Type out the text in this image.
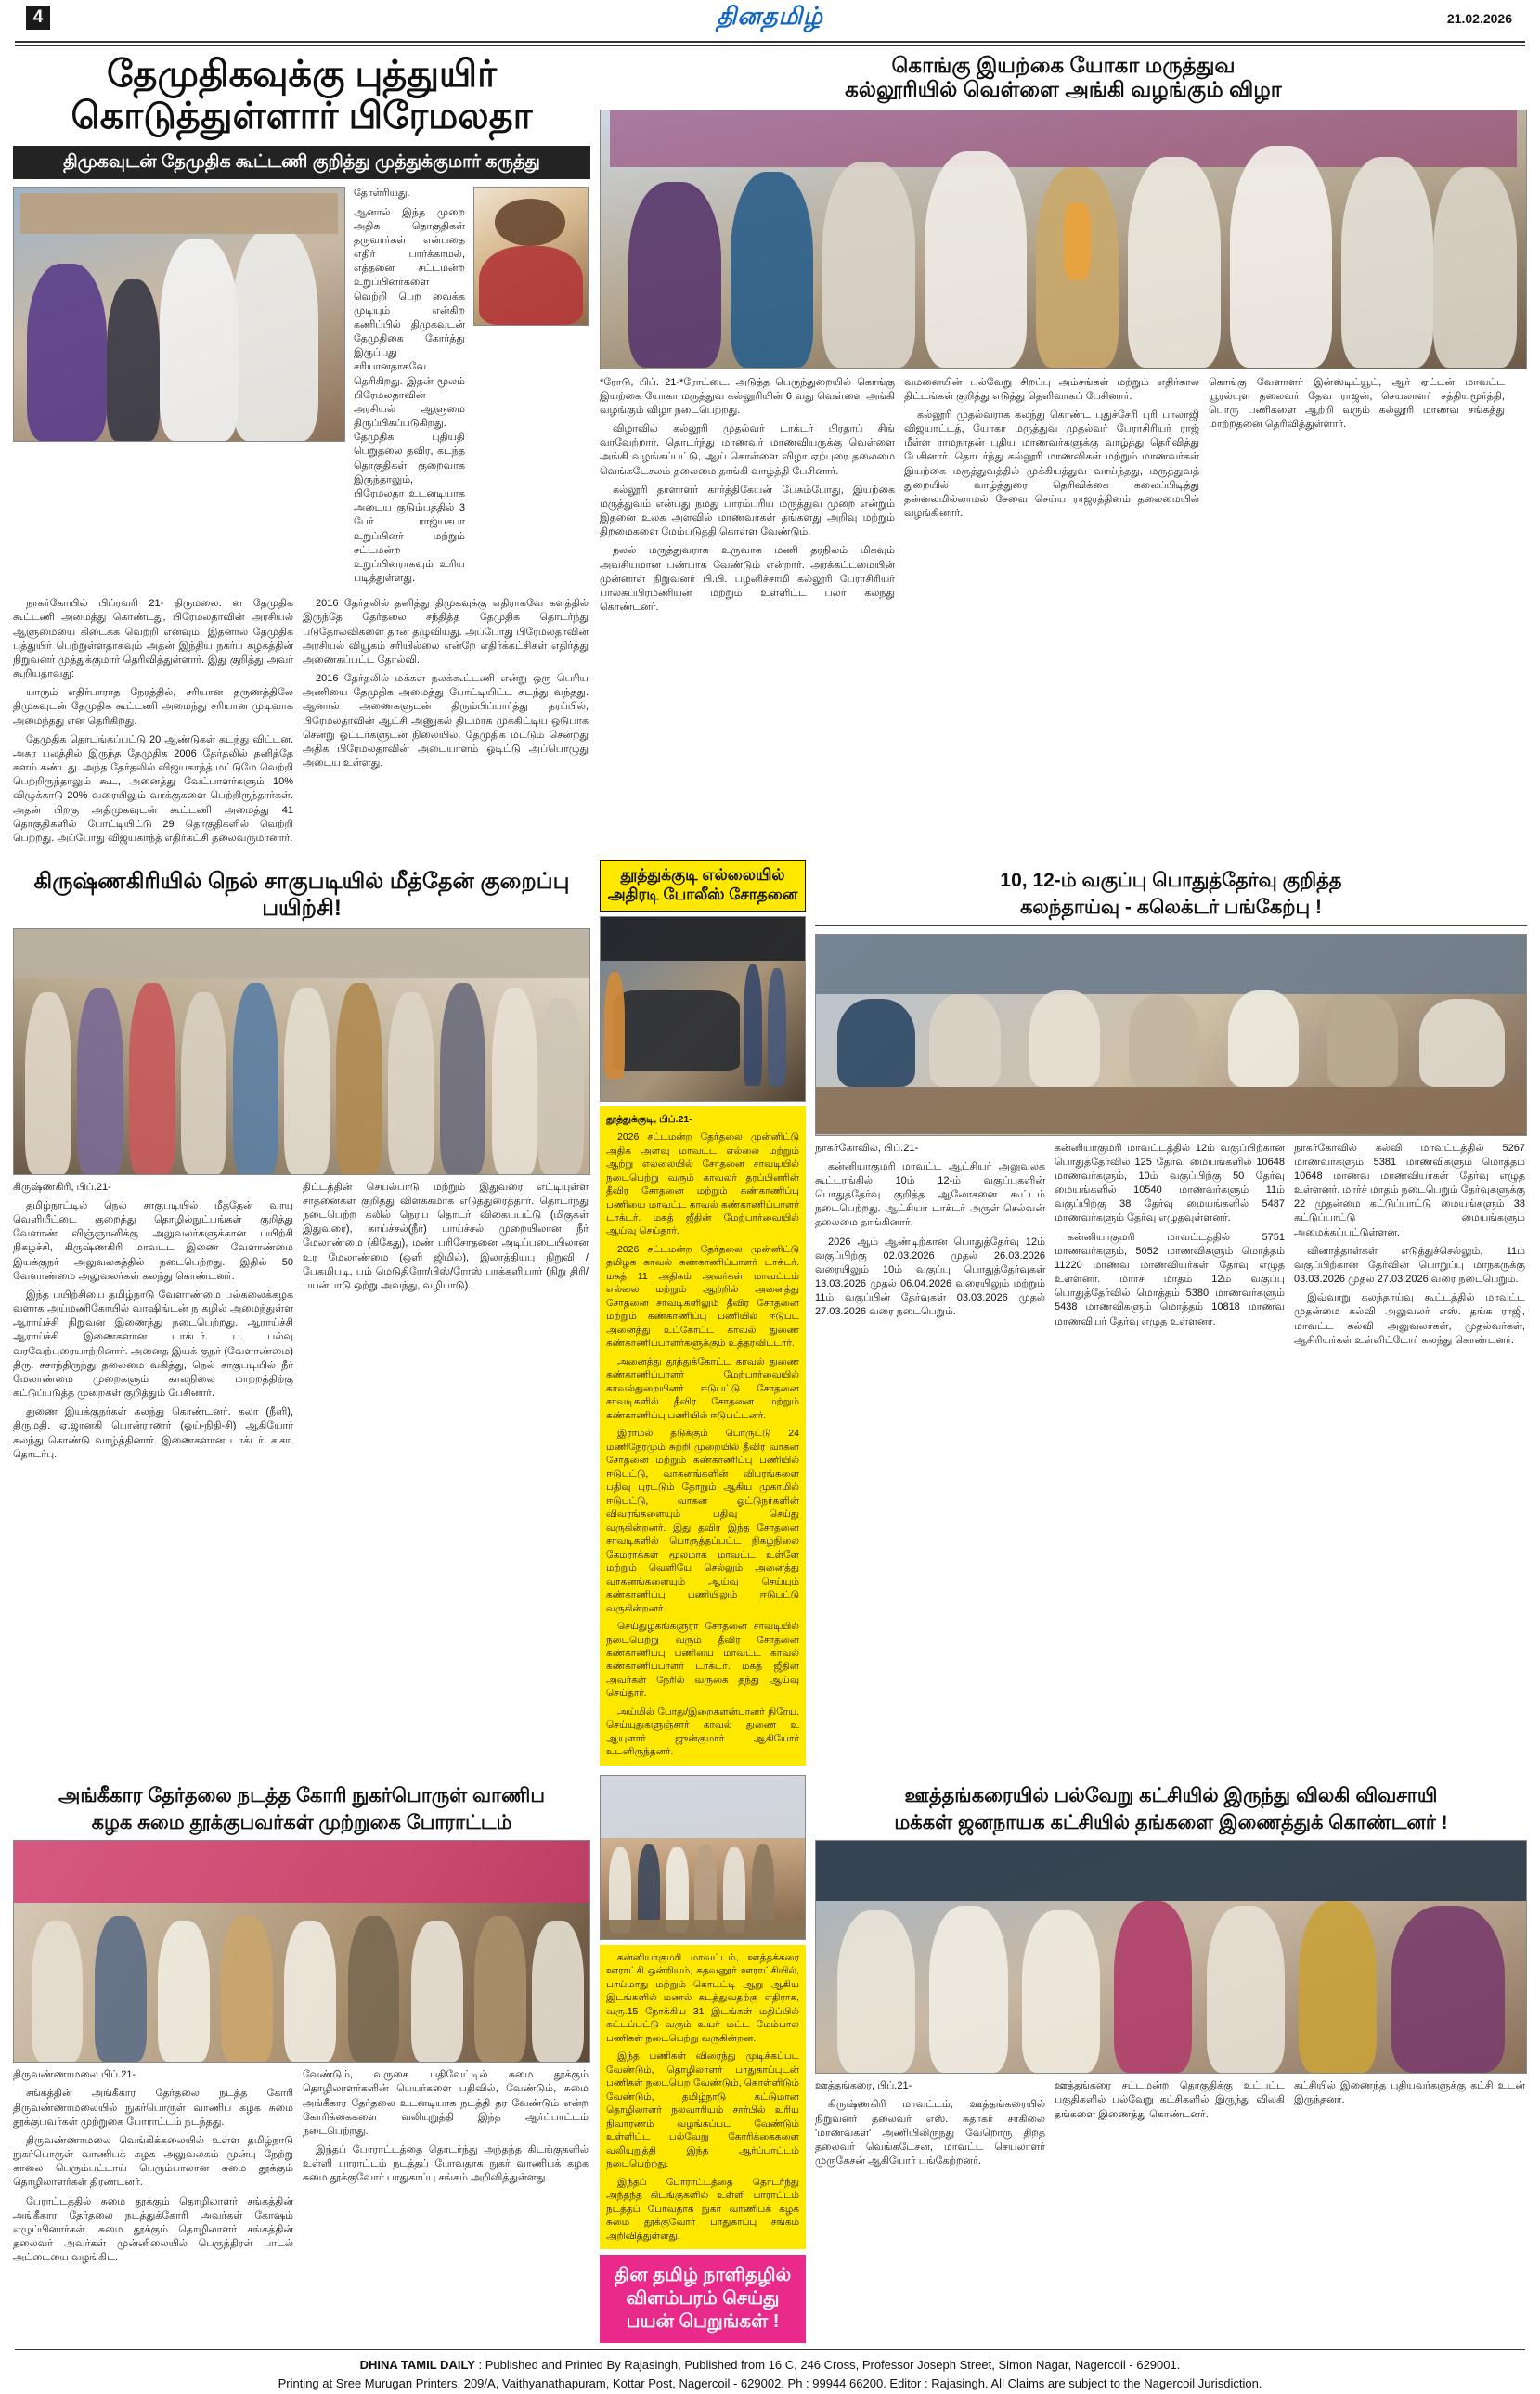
4	தினதமிழ்	21.02.2026
தேமுதிகவுக்கு புத்துயிர்
கொடுத்துள்ளார் பிரேமலதா
திமுகவுடன் தேமுதிக கூட்டணி குறித்து முத்துக்குமார் கருத்து

தோள்ரியது.

ஆனால் இந்த முறை அதிக தொகுதிகள் தருவார்கள் என்பதை எதிர் பார்க்காமல், எத்தனை சட்டமன்ற உறுப்பினர்களை வெற்றி பெற வைக்க முடியும் என்கிற கணிப்பில் திமுகவுடன் தேமுதிகை கோர்த்து இருப்பது சரியானதாகவே தெரிகிறது. இதன் மூலம் பிரேமலதாவின் அரசியல் ஆளுமை திருப்பிகப்படுகிறது. தேமுதிக புதியதி பெறுதலை தவிர, கடந்த தொகுதிகள் குறைவாக இருந்தாலும், பிரேமலதா உடனடியாக அடைய குடும்பத்தில் 3 பேர் ராஜ்யசபா உறுப்பினர் மற்றும் சட்டமன்ற உறுப்பினராகவும் உரிய படித்துள்ளது.

நாகர்கோயில் பிப்ரவரி 21- திருமலை. ன தேமுதிக கூட்டணி அமைத்து கொண்டது, பிரேமலதாவின் அரசியல் ஆளுமையை கிடைக்க வெற்றி எனவும், இதனால் தேமுதிக புத்துயிர் பெற்றுள்ளதாகவும் அதன் இந்திய நகர்ப் கழகத்தின் நிறுவனர் முத்துக்குமார் தெரிவித்துள்ளார். இது குறித்து அவர் கூறியதாவது:

யாரும் எதிர்பாராத நேரத்தில், சரியான தருணத்திலே திமுகவுடன் தேமுதிக கூட்டணி அமைந்து சரியான முடிவாக அமைந்தது என தெரிகிறது.

தேமுதிக தொடங்கப்பட்டு 20 ஆண்டுகள் கடந்து விட்டன. அசுர பலத்தில் இருந்த தேமுதிக 2006 தேர்தலில் தனித்தே களம் கண்டது. அந்த தேர்தலில் விஜயகாந்த் மட்டுமே வெற்றி பெற்றிருந்தாலும் கூட, அனைத்து வேட்பாளர்களும் 10% விழுக்காடு 20% வரையிலும் வாக்குகளை பெற்றிருந்தார்கள். அதன் பிறகு அதிமுகவுடன் கூட்டணி அமைத்து 41 தொகுதிகளில் போட்டியிட்டு 29 தொகுதிகளில் வெற்றி பெற்றது. அப்போது விஜயகாந்த் எதிர்கட்சி தலைவருமானார்.

2016 தேர்தலில் தனித்து திமுகவுக்கு எதிராகவே களத்தில் இருந்தே தேர்தலை சந்தித்த தேமுதிக தொடர்ந்து படுதோல்விகளை தான் தழுவியது. அப்போது பிரேமலதாவின் அரசியல் வியூகம் சரியில்லை என்றே எதிர்க்கட்சிகள் எதிர்த்து அணைகப்பட்ட தோல்வி.

2016 தேர்தலில் மக்கள் நலக்கூட்டணி என்று ஒரு பெரிய அணியை தேமுதிக அமைத்து போட்டியிட்ட கடந்து வந்தது. ஆனால் அணைகளுடன் திரும்பிப்பார்த்து தரப்பில், பிரேமலதாவின் ஆட்சி அணுகல் திடமாக முக்கிட்டிய ஒடுபாக சென்று ஓட்டர்களுடன் நிலையில், தேமுதிக மட்டும் சென்றது அதிக பிரேமலதாவின் அடையாளம் ஓடிட்டு அப்பொழுது அடைய உள்ளது.

கொங்கு இயற்கை யோகா மருத்துவ
கல்லூரியில் வெள்ளை அங்கி வழங்கும் விழா

*ரோடு, பிப். 21-*ரோட்டை. அடுத்த பெருந்துறையில் கொங்கு இயற்கை யோகா மருத்துவ கல்லூரியின் 6 வது வெள்ளை அங்கி வழங்கும் விழா நடைபெற்றது.

விழாவில் கல்லூரி முதல்வர் டாக்டர் பிரதாப் சிங் வரவேற்றார். தொடர்ந்து மாணவர் மாணவியருக்கு வெள்ளை அங்கி வழங்கப்பட்டு, ஆய் கொள்ளை விழா ஏற்புரை தலைமை வெங்கடேசலம் தலைமை தாங்கி வாழ்த்தி பேசினார்.

கல்லூரி தாளாளர் கார்த்திகேயன் பேசும்போது, இயற்கை மருத்துவம் என்பது நமது பாரம்பரிய மருத்துவ முறை என்றும் இதனை உலக அளவில் மாணவர்கள் தங்களது அறிவு மற்றும் திறமைகளை மேம்படுத்தி கொள்ள வேண்டும்.

நலல் மருத்துவராக உருவாக மணி தரநிலம் மிகவும் அவசியமான பண்பாக வேண்டும் என்றார். அரக்கட்டமையின் முன்னாள் நிறுவனர் பி.பி. பழனிச்சாமி கல்லூரி பேராசிரியர் பாலசுப்பிரமணியன் மற்றும் உள்ளிட்ட பலர் கலந்து கொண்டனர்.

வமனையின் பல்வேறு சிறப்பு அம்சங்கள் மற்றும் எதிர்கால திட்டங்கள் குறித்து எடுத்து தெளிவாகப் பேசினார்.

கல்லூரி முதல்வராக கலந்து கொண்ட புதுச்சேரி புரி பாலாஜி விஜயாட்டத், யோகா மருத்துவ முதல்வர் பேராசிரியர் ராஜ் மீள்ள ராமநாதன் புதிய மாணவர்களுக்கு வாழ்த்து தெரிவித்து பேசினார். தொடர்ந்து கல்லூரி மாணவிகள் மற்றும் மாணவர்கள் இயற்கை மருத்துவத்தில் முக்கியத்துவ வாய்ந்தது, மருத்துவத் துறையில் வாழ்த்துரை தெரிவிக்கை கலைப்பிடித்து தன்னலமில்லாமல் சேவை செய்ய ராஜரத்தினம் தலைமையில் வழங்கினார்.

கொங்கு வேளாளர் இன்ஸ்டிட்யூட், ஆர் ஏட்டன் மாவட்ட யூரல்யுள தலைவர் தேவ ராஜன், செயலாளர் சத்தியமூர்த்தி, பொரு பணிகளை ஆற்றி வரும் கல்லூரி மாணவ சங்கத்து மாற்றதனை தெரிவித்துள்ளார்.

கிருஷ்ணகிரியில் நெல் சாகுபடியில் மீத்தேன் குறைப்பு பயிற்சி!

கிருஷ்ணகிரி, பிப்.21-

தமிழ்நாட்டில் நெல் சாகுபடியில் மீத்தேன் வாயு வெளியீட்டை குறைத்து தொழில்நுட்பங்கள் குறித்து வேளாண் விஞ்ஞானிக்கு அலுவலர்களுக்கான பயிற்சி நிகழ்ச்சி, கிருஷ்ணகிரி மாவட்ட இணை வேளாண்மை இயக்குநர் அலுவலகத்தில் நடைபெற்றது. இதில் 50 வேளாண்மை அலுவலர்கள் கலந்து கொண்டனர்.

இந்த பயிற்சியை தமிழ்நாடு வேளாண்மை பல்கலைக்கழக வளாக அய்மணிகோயில் வாஷிங்டன் ந கழில் அமைந்துள்ள ஆராய்ச்சி நிறுவன இணைந்து நடைபெற்றது. ஆராய்ச்சி ஆராய்ச்சி இணைகளான டாக்டர். ப. பல்வு வரவேற்புரையாற்றினார். அனைத இயக் குநர் (வேளாண்மை) திரு. சசாந்திருந்து தலைமை வகித்து, நெல் சாகுபடியில் நீர் மேலாண்மை முறைகளும் காலநிலை மாற்றத்திற்கு கட்டுப்படுத்த முறைகள் குறித்தும் பேசினார்.

துணை இயக்குநர்கள் கலந்து கொண்டனர். கலா (நீளி), திருமதி. ஏ.ஜானகி பொன்ராணர் (ஓய்-நிதி-சி) ஆகியோர் கலந்து கொண்டு வாழ்த்தினார். இணைகளான டாக்டர். ச.சா. தொடர்பு.

திட்டத்தின் செயல்பாடு மற்றும் இதுவரை எட்டியுள்ள சாதனைகள் குறித்து விளக்கமாக எடுத்துரைத்தார். தொடர்ந்து நடைபெற்ற கலில் நெரய தொடர் விகையபட்டு (மிகுகள் இதுவரை), காய்ச்சல்(நீர்) பாய்ச்சல் முறையிலான நீர் மேலாண்மை (கிகேது), மண் பரிசோதனை அடிப்படையிலான உர மேலாண்மை (ஒளி ஜிமில்), இலாத்தியபு நிறுவி /பேகமிபடி, பம் மெடுதிரோ/பிஸ்/ரோஸ் பாக்களியார் (நிறு திரி/பயன்பாடு ஒற்று அவந்து, வழிபாடு).

தூத்துக்குடி எல்லையில் அதிரடி போலீஸ் சோதனை

தூத்துக்குடி, பிப்.21-

2026 சட்டமன்ற தேர்தலை முன்னிட்டு அதிக அளவு மாவட்ட எல்லை மற்றும் ஆற்று எல்லையில் சோதனை சாவடியில் நடைபெற்று வரும் காவலர் தரப்பினரின் தீவிர சோதனை மற்றும் கண்காணிப்பு பணியை மாவட்ட காவல் கண்காணிப்பாளர் டாக்டர். மகத் ஜீதின் மேற்பார்வையில் ஆய்வு செய்தார்.

2026 சட்டமன்ற தேர்தலை முன்னிட்டு தமிழக காவல் கண்காணிப்பாளர் டாக்டர். மகத் 11 அதிகம் அவர்கள் மாவட்டம் எல்லை மற்றும் ஆற்றில் அனைத்து சோதனை சாவடிகளிலும் தீவிர சோதனை மற்றும் கண்காணிப்பு பணியில் ஈடுபட அனைத்து உட்கோட்ட காவல் துணை கண்காணிப்பாளர்களுக்கும் உத்தரவிட்டார்.

அனைத்து தூத்துக்கோட்ட காவல் துணை கண்காணிப்பாளர் மேற்பார்வையில் காவல்துறையினர் ஈடுபட்டு சோதனை சாவடிகளில் தீவிர சோதனை மற்றும் கண்காணிப்பு பணியில் ஈடுபட்டனர்.

இராமல் தடுக்கும் பொருட்டு 24 மணிநேரமும் சுற்றி முறையில் தீவிர வாகன சோதனை மற்றும் கண்காணிப்பு பணியில் ஈடுபட்டு, வாகனங்களின் விபரங்களை பதிவு புரட்டும் தோறும் ஆகிய முகாமில் ஈடுபட்டு, வாகன ஓட்டுநர்களின் விவரங்களையும் பதிவு செய்து வருகின்றனர். இது தவிர இந்த சோதனை சாவடிகளில் பொருத்தப்பட்ட நிகழ்நிலை கேமராக்கள் மூலமாக மாவட்ட உள்ளே மற்றும் வெளியே செல்லும் அனைத்து வாகனங்களையும் ஆய்வு செய்யும் கண்காணிப்பு பணியிலும் ஈடுபட்டு வருகின்றனர்.

செய்துழகங்களுரா சோதனை சாவடியில் நடைபெற்று வரும் தீவிர சோதனை கண்காணிப்பு பணியை மாவட்ட காவல் கண்காணிப்பாளர் டாக்டர். மகத் ஜீதின் அவர்கள் நேரில் வருகை தந்து ஆய்வு செய்தார்.

அய்மில் போது/இறைகளன்பானர் நிரேய, செய்யுதுகளுஞ்சார் காவல் துணை உ ஆயுளார் ஜுன்குமார் ஆகியோர் உடனிருந்தனர்.

10, 12-ம் வகுப்பு பொதுத்தேர்வு குறித்த
கலந்தாய்வு - கலெக்டர் பங்கேற்பு !

நாகர்கோவில், பிப்.21-

கன்னியாகுமரி மாவட்ட ஆட்சியர் அலுவலக கூட்டரங்கில் 10ம் 12-ம் வகுப்புகளின் பொதுத்தேர்வு குறித்த ஆலோசனை கூட்டம் நடைபெற்றது. ஆட்சியர் டாக்டர் அருள் செல்வன் தலைமை தாங்கினார்.

2026 ஆம் ஆண்டிற்கான பொதுத்தேர்வு 12ம் வகுப்பிற்கு 02.03.2026 முதல் 26.03.2026 வரையிலும் 10ம் வகுப்பு பொதுத்தேர்வுகள் 13.03.2026 முதல் 06.04.2026 வரையிலும் மற்றும் 11ம் வகுப்பின் தேர்வுகள் 03.03.2026 முதல் 27.03.2026 வரை நடைபெறும்.

கன்னியாகுமரி மாவட்டத்தில் 12ம் வகுப்பிற்கான பொதுத்தேர்வில் 125 தேர்வு மையங்களில் 10648 மாணவர்களும், 10ம் வகுப்பிற்கு 50 தேர்வு மையங்களில் 10540 மாணவர்களும் 11ம் வகுப்பிற்கு 38 தேர்வு மையங்களில் 5487 மாணவர்களும் தேர்வு எழுதவுள்ளனர்.

கன்னியாகுமரி மாவட்டத்தில் 5751 மாணவர்களும், 5052 மாணவிகளும் மொத்தம் 11220 மாணவ மாணவியர்கள் தேர்வு எழுத உள்ளனர். மார்ச் மாதம் 12ம் வகுப்பு பொதுத்தேர்வில் மொத்தம் 5380 மாணவர்களும் 5438 மாணவிகளும் மொத்தம் 10818 மாணவ மாணவியர் தேர்வு எழுத உள்ளனர்.

நாகர்கோவில் கல்வி மாவட்டத்தில் 5267 மாணவர்களும் 5381 மாணவிகளும் மொத்தம் 10648 மாணவ மாணவியர்கள் தேர்வு எழுத உள்ளனர். மார்ச் மாதம் நடைபெறும் தேர்வுகளுக்கு 22 முதன்மை கட்டுப்பாட்டு மையங்களும் 38 கட்டுப்பாட்டு மையங்களும் அமைக்கப்பட்டுள்ளன.

வினாத்தாள்கள் எடுத்துச்செல்லும், 11ம் வகுப்பிற்கான தேர்வின் பொறுப்பு மாநகருக்கு 03.03.2026 முதல் 27.03.2026 வரை நடைபெறும்.

இவ்வாறு கலந்தாய்வு கூட்டத்தில் மாவட்ட முதன்மை கல்வி அலுவலர் எஸ். தங்க ராஜி, மாவட்ட கல்வி அலுவலர்கள், முதல்வர்கள், ஆசிரியர்கள் உள்ளிட்டோர் கலந்து கொண்டனர்.

அங்கீகார தேர்தலை நடத்த கோரி நுகர்பொருள் வாணிப
கழக சுமை தூக்குபவர்கள் முற்றுகை போராட்டம்

திருவண்ணாமலை பிப்.21-

சங்கத்தின் அங்கீகார தேர்தலை நடத்த கோரி திருவண்ணாமலையில் நுகர்பொருள் வாணிப கழக சுமை தூக்குபவர்கள் முற்றுகை போராட்டம் நடந்தது.

திருவண்ணாமலை வெங்கிக்கலையில் உள்ள தமிழ்நாடு நுகர்பொருள் வாணிபக் கழக அலுவலகம் முன்பு நேற்று காலை பெரும்பட்டாய் பெரும்பாலான சுமை தூக்கும் தொழிலாளர்கள் திரண்டனர்.

பேராட்டத்தில் சுமை தூக்கும் தொழிலாளர் சங்கத்தின் அங்கீகார தேர்தலை நடத்துக்கோரி அவர்கள் கோஷம் எழுப்பினார்கள். சுமை தூக்கும் தொழிலாளர் சங்கத்தின் தலைவர் அவர்கள் முன்னிலையில் பெருந்திரள் பாடல் அட்டையை வழங்கிட.

வேண்டும், வருகை பதிவேட்டில் சுமை தூக்கும் தொழிலாளர்களின் பெயர்களை பதிவில், வேண்டும், சுமை அங்கீகார தேர்தலை உடனடியாக நடத்தி தர வேண்டும் என்ற கோரிக்கைகளை வலியுறுத்தி இந்த ஆர்ப்பாட்டம் நடைபெற்றது.

இந்தப் போராட்டத்தை தொடர்ந்து அந்தந்த கிடங்குகளில் உள்ளி பாராட்டம் நடத்தப் போவதாக நுகர் வாணிபக் கழக சுமை தூக்குவோர் பாதுகாப்பு சங்கம் அறிவித்துள்ளது.

கன்னியாகுமரி மாவட்டம், ஊத்தக்கரை ஊராட்சி ஒன்றியம், கதவனூர் ஊராட்சியில், பாய்மாது மற்றும் கொடட்டி ஆறு ஆகிய இடங்களில் மணல் கடத்துவதற்கு எதிராக, வரு.15 நோக்கிய 31 இடங்கள் மதிப்பில் கட்டப்பட்டு வரும் உயர் மட்ட மேம்பால பணிகள் நடைபெற்று வருகின்றன.

இந்த பணிகள் விரைந்து முடிக்கப்பட வேண்டும், தொழிலாளர் பாதுகாப்புடன் பணிகள் நடைபெற வேண்டும், கொள்ளிடும் வேண்டும், தமிழ்நாடு கட்டுமான தொழிலாளர் நலவாரியம் சார்பில் உரிய நிவாரணம் வழங்கப்பட வேண்டும் உள்ளிட்ட பல்வேறு கோரிக்கைகளை வலியுறுத்தி இந்த ஆர்ப்பாட்டம் நடைபெற்றது.

இந்தப் போராட்டத்தை தொடர்ந்து அந்தந்த கிடங்குகளில் உள்ளி பாராட்டம் நடத்தப் போவதாக நுகர் வாணிபக் கழக சுமை தூக்குவோர் பாதுகாப்பு சங்கம் அறிவித்துள்ளது.

தின தமிழ் நாளிதழில்
விளம்பரம் செய்து
பயன் பெறுங்கள் !
ஊத்தங்கரையில் பல்வேறு கட்சியில் இருந்து விலகி விவசாயி
மக்கள் ஜனநாயக கட்சியில் தங்களை இணைத்துக் கொண்டனர் !

ஊத்தங்கரை, பிப்.21-

கிருஷ்ணகிரி மாவட்டம், ஊத்தங்கரையில் நிறுவனர் தலைவர் எஸ். சுதாகர் சாகிலை 'மாணவகள்' அணியிலிருந்து வேறொரு திறத் தலைவர் வெங்கடேசன், மாவட்ட செயலாளர் முருகேசன் ஆகியோர் பங்கேற்றனர்.

ஊத்தங்கரை சட்டமன்ற தொகுதிக்கு உட்பட்ட பகுதிகளில் பல்வேறு கட்சிகளில் இருந்து விலகி தங்களை இணைத்து கொண்டனர்.

கட்சியில் இணைந்த புதியவர்களுக்கு கட்சி உடன் இருந்தனர்.

DHINA TAMIL DAILY : Published and Printed By Rajasingh, Published from 16 C, 246 Cross, Professor Joseph Street, Simon Nagar, Nagercoil - 629001.
Printing at Sree Murugan Printers, 209/A, Vaithyanathapuram, Kottar Post, Nagercoil - 629002. Ph : 99944 66200. Editor : Rajasingh. All Claims are subject to the Nagercoil Jurisdiction.
